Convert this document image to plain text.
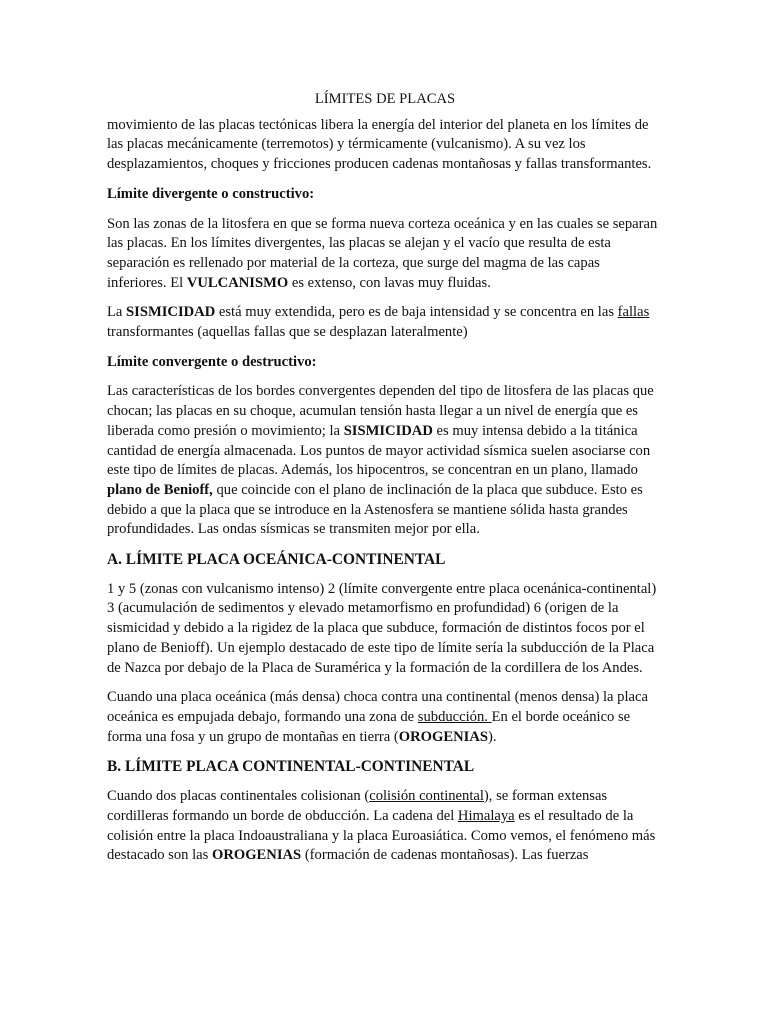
LÍMITES DE PLACAS

movimiento de las placas tectónicas libera la energía del interior del planeta en los límites de las placas mecánicamente (terremotos) y térmicamente (vulcanismo). A su vez los desplazamientos, choques y fricciones producen cadenas montañosas y fallas transformantes.

Límite divergente o constructivo:

Son las zonas de la litosfera en que se forma nueva corteza oceánica y en las cuales se separan las placas. En los límites divergentes, las placas se alejan y el vacío que resulta de esta separación es rellenado por material de la corteza, que surge del magma de las capas inferiores. El VULCANISMO es extenso, con lavas muy fluidas.

La SISMICIDAD está muy extendida, pero es de baja intensidad y se concentra en las fallas transformantes (aquellas fallas que se desplazan lateralmente)

Límite convergente o destructivo:

Las características de los bordes convergentes dependen del tipo de litosfera de las placas que chocan; las placas en su choque, acumulan tensión hasta llegar a un nivel de energía que es liberada como presión o movimiento; la SISMICIDAD es muy intensa debido a la titánica cantidad de energía almacenada. Los puntos de mayor actividad sísmica suelen asociarse con este tipo de límites de placas. Además, los hipocentros, se concentran en un plano, llamado plano de Benioff, que coincide con el plano de inclinación de la placa que subduce. Esto es debido a que la placa que se introduce en la Astenosfera se mantiene sólida hasta grandes profundidades. Las ondas sísmicas se transmiten mejor por ella.

A. LÍMITE PLACA OCEÁNICA-CONTINENTAL

1 y 5 (zonas con vulcanismo intenso) 2 (límite convergente entre placa ocenánica-continental) 3 (acumulación de sedimentos y elevado metamorfismo en profundidad) 6 (origen de la sismicidad y debido a la rigidez de la placa que subduce, formación de distintos focos por el plano de Benioff). Un ejemplo destacado de este tipo de límite sería la subducción de la Placa de Nazca por debajo de la Placa de Suramérica y la formación de la cordillera de los Andes.

Cuando una placa oceánica (más densa) choca contra una continental (menos densa) la placa oceánica es empujada debajo, formando una zona de subducción. En el borde oceánico se forma una fosa y un grupo de montañas en tierra (OROGENIAS).

B. LÍMITE PLACA CONTINENTAL-CONTINENTAL

Cuando dos placas continentales colisionan (colisión continental), se forman extensas cordilleras formando un borde de obducción. La cadena del Himalaya es el resultado de la colisión entre la placa Indoaustraliana y la placa Euroasiática. Como vemos, el fenómeno más destacado son las OROGENIAS (formación de cadenas montañosas). Las fuerzas
